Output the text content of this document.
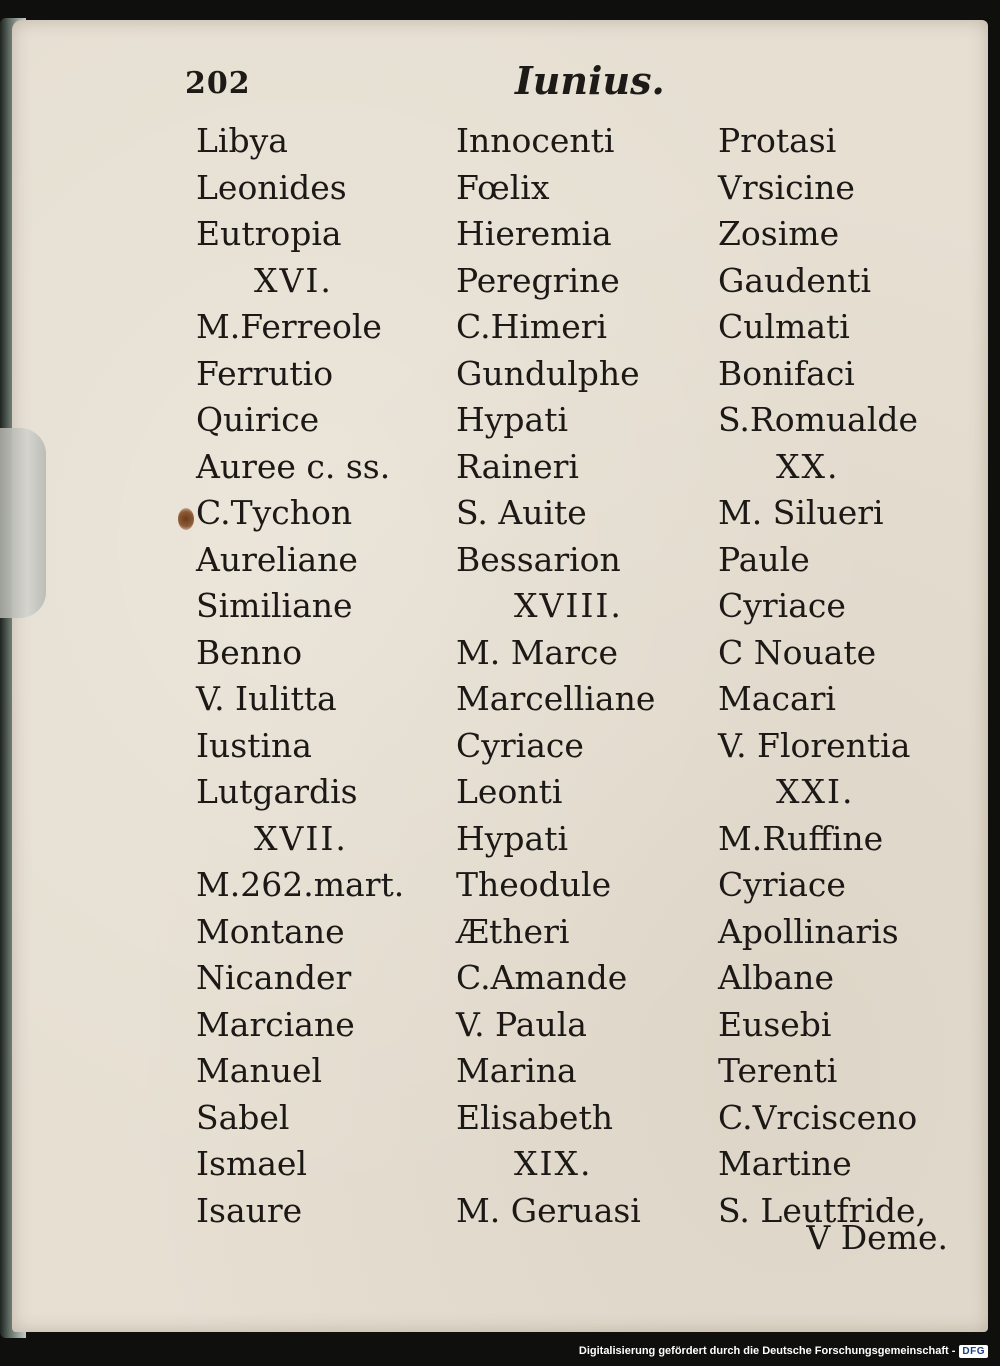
202	Iunius.
Libya
Leonides
Eutropia
XVI.
M.Ferreole
Ferrutio
Quirice
Auree c. ss.
C.Tychon
Aureliane
Similiane
Benno
V. Iulitta
Iustina
Lutgardis
XVII.
M.262.mart.
Montane
Nicander
Marciane
Manuel
Sabel
Ismael
Isaure
Innocenti
Fœlix
Hieremia
Peregrine
C.Himeri
Gundulphe
Hypati
Raineri
S. Auite
Bessarion
XVIII.
M. Marce
Marcelliane
Cyriace
Leonti
Hypati
Theodule
Ætheri
C.Amande
V. Paula
Marina
Elisabeth
XIX.
M. Geruasi
Protasi
Vrsicine
Zosime
Gaudenti
Culmati
Bonifaci
S.Romualde
XX.
M. Silueri
Paule
Cyriace
C Nouate
Macari
V. Florentia
XXI.
M.Ruffine
Cyriace
Apollinaris
Albane
Eusebi
Terenti
C.Vrcisceno
Martine
S. Leutfride,
V Deme.
Digitalisierung gefördert durch die Deutsche Forschungsgemeinschaft - DFG
